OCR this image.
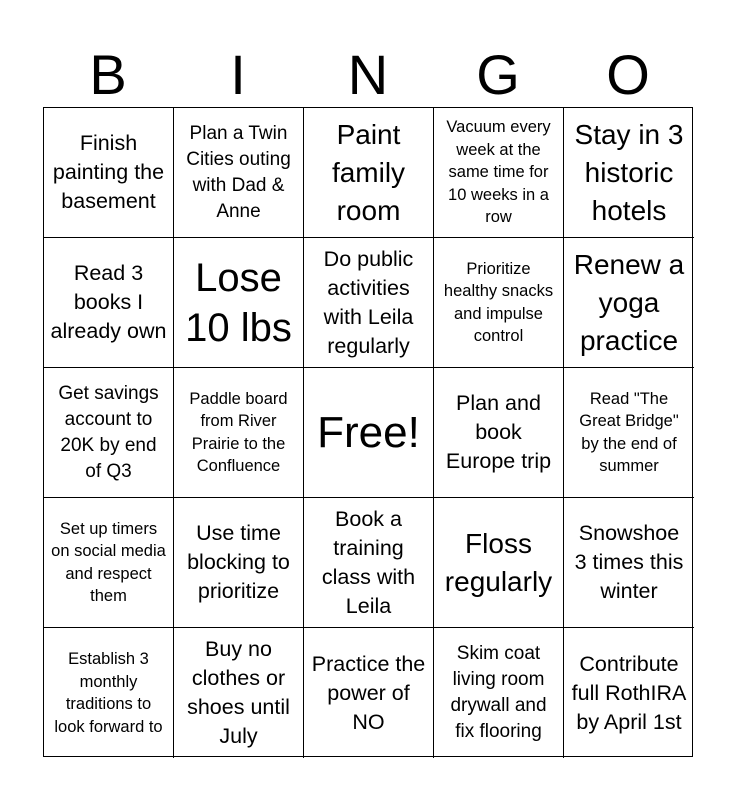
B	I	N	G	O
Finish painting the basement
Plan a Twin Cities outing with Dad & Anne
Paint family room
Vacuum every week at the same time for 10 weeks in a row
Stay in 3 historic hotels
Read 3 books I already own
Lose 10 lbs
Do public activities with Leila regularly
Prioritize healthy snacks and impulse control
Renew a yoga practice
Get savings account to 20K by end of Q3
Paddle board from River Prairie to the Confluence
Free!
Plan and book Europe trip
Read "The Great Bridge" by the end of summer
Set up timers on social media and respect them
Use time blocking to prioritize
Book a training class with Leila
Floss regularly
Snowshoe 3 times this winter
Establish 3 monthly traditions to look forward to
Buy no clothes or shoes until July
Practice the power of NO
Skim coat living room drywall and fix flooring
Contribute full RothIRA by April 1st
